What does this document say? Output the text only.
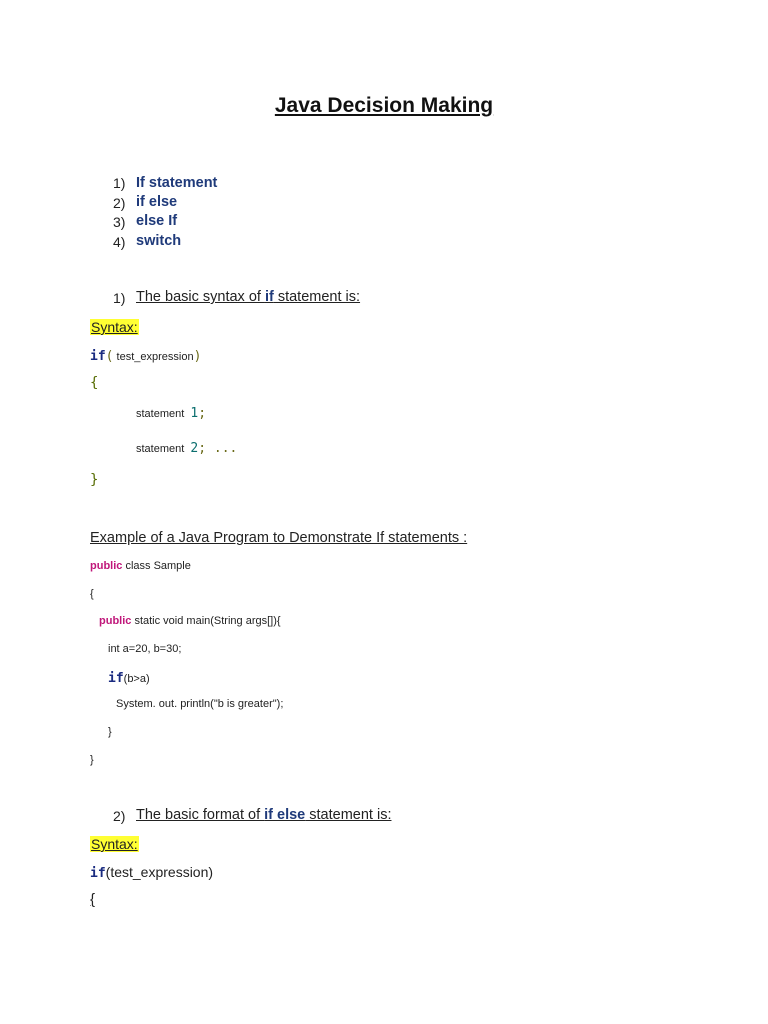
Java Decision Making
1) If statement
2) if else
3) else If
4) switch
1) The basic syntax of if statement is:
Syntax:
if( test_expression)
{
statement  1;
statement  2; ...
}
Example of a Java Program to Demonstrate If statements :
public class Sample
{
public static void main(String args[]){
int a=20, b=30;
if(b>a)
System. out. println("b is greater");
}
}
2) The basic format of if else statement is:
Syntax:
if(test_expression)
{
